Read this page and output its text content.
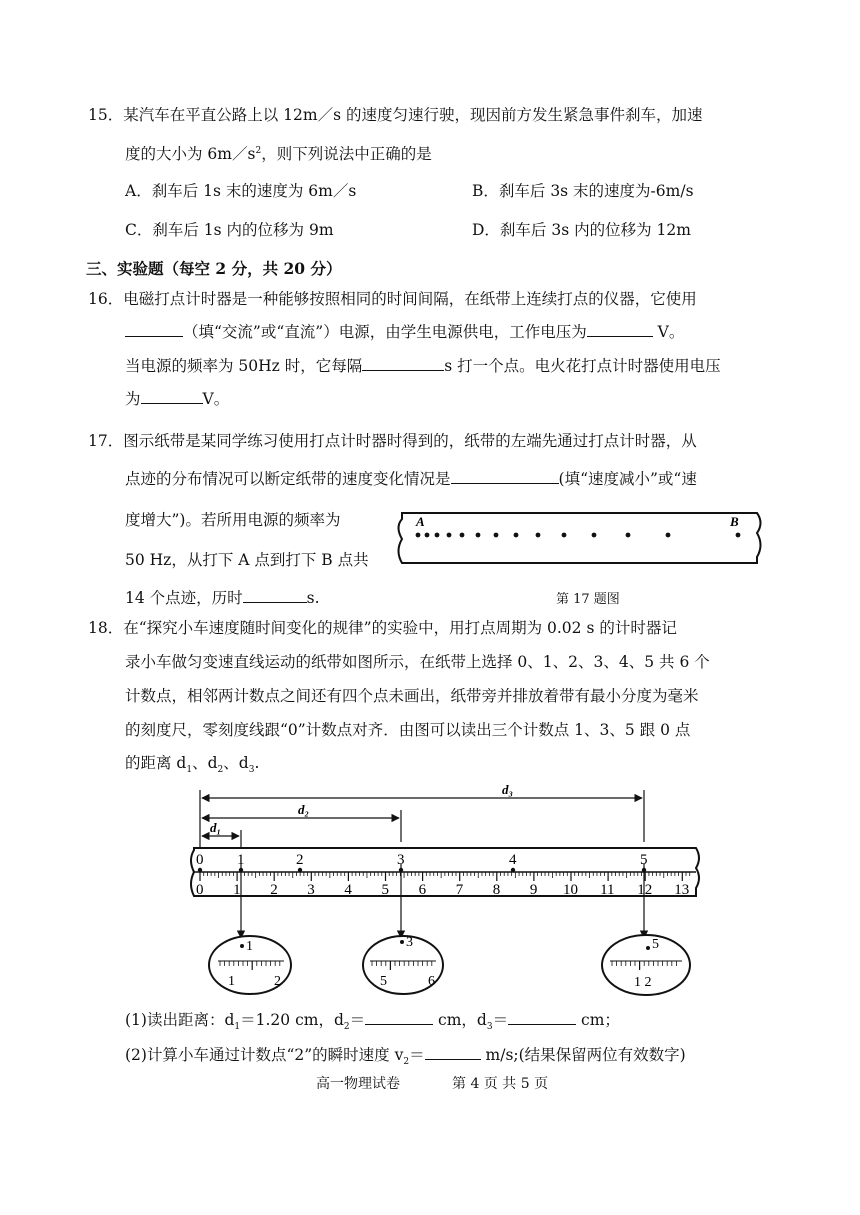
15．某汽车在平直公路上以 12m／s 的速度匀速行驶，现因前方发生紧急事件刹车，加速
度的大小为 $6m/s^2$，则下列说法中正确的是
A．刹车后 1s 末的速度为 6m／s	B．刹车后 3s 末的速度为-6m/s
C．刹车后 1s 内的位移为 9m	D．刹车后 3s 内的位移为 12m
三、实验题（每空 2 分，共 20 分）
16．电磁打点计时器是一种能够按照相同的时间间隔，在纸带上连续打点的仪器，它使用
（填“交流”或“直流”）电源，由学生电源供电，工作电压为	V。
当电源的频率为 50Hz 时，它每隔	s 打一个点。电火花打点计时器使用电压
为	V。
17．图示纸带是某同学练习使用打点计时器时得到的，纸带的左端先通过打点计时器，从
点迹的分布情况可以断定纸带的速度变化情况是	(填“速度减小”或“速
度增大”)。若所用电源的频率为
50 Hz，从打下 A 点到打下 B 点共
14 个点迹，历时	s.
A	B
第 17 题图
18．在“探究小车速度随时间变化的规律”的实验中，用打点周期为 0.02 s 的计时器记
录小车做匀变速直线运动的纸带如图所示，在纸带上选择 0、1、2、3、4、5 共 6 个
计数点，相邻两计数点之间还有四个点未画出，纸带旁并排放着带有最小分度为毫米
的刻度尺，零刻度线跟“0”计数点对齐．由图可以读出三个计数点 1、3、5 跟 0 点
的距离 $d_1$、$d_2$、$d_3$.
d₃
d₂
d₁
0 1 2 3 4 5 6 7 8 9 10 11 12 13
0 1	2	3	4	5
1
1	2
3
5	6
5
1 2
(1)读出距离：$d_1=1.20$ cm，$d_2=$	cm，$d_3=$	cm；
(2)计算小车通过计数点“2”的瞬时速度 $v_2=$	m/s;(结果保留两位有效数字)
高一物理试卷	第 4 页 共 5 页
